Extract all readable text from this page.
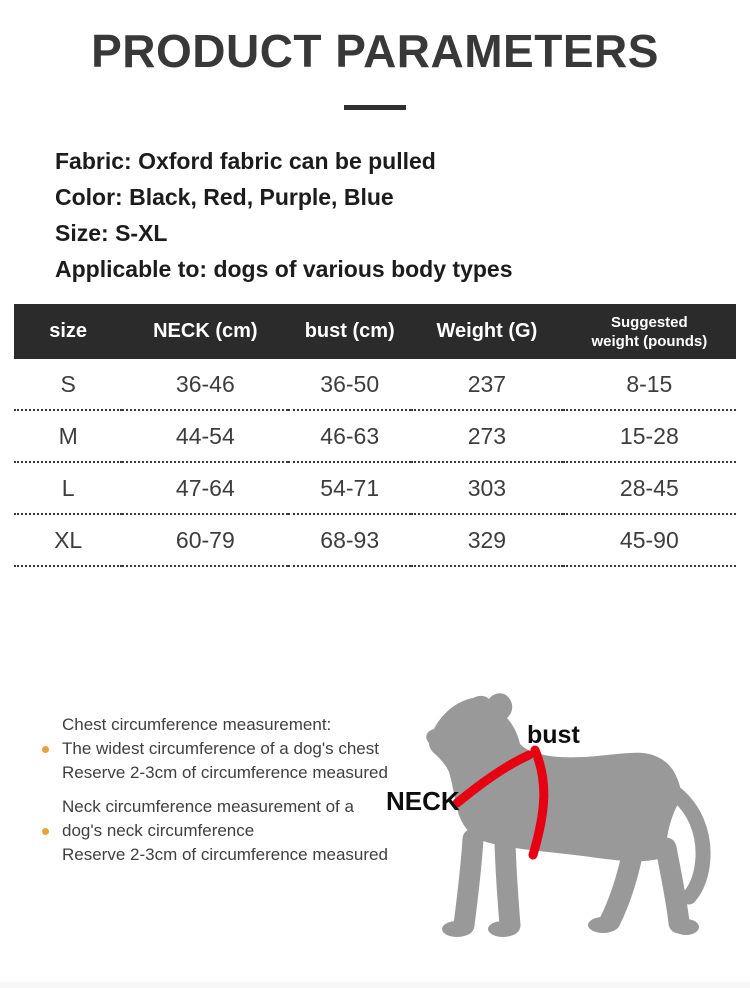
PRODUCT PARAMETERS
Fabric: Oxford fabric can be pulled
Color: Black, Red, Purple, Blue
Size: S-XL
Applicable to: dogs of various body types
size	NECK (cm)	bust (cm)	Weight (G)	Suggested weight (pounds)
S	36-46	36-50	237	8-15
M	44-54	46-63	273	15-28
L	47-64	54-71	303	28-45
XL	60-79	68-93	329	45-90
Chest circumference measurement:
The widest circumference of a dog's chest
Reserve 2-3cm of circumference measured
Neck circumference measurement of a
dog's neck circumference
Reserve 2-3cm of circumference measured
bust
NECK
